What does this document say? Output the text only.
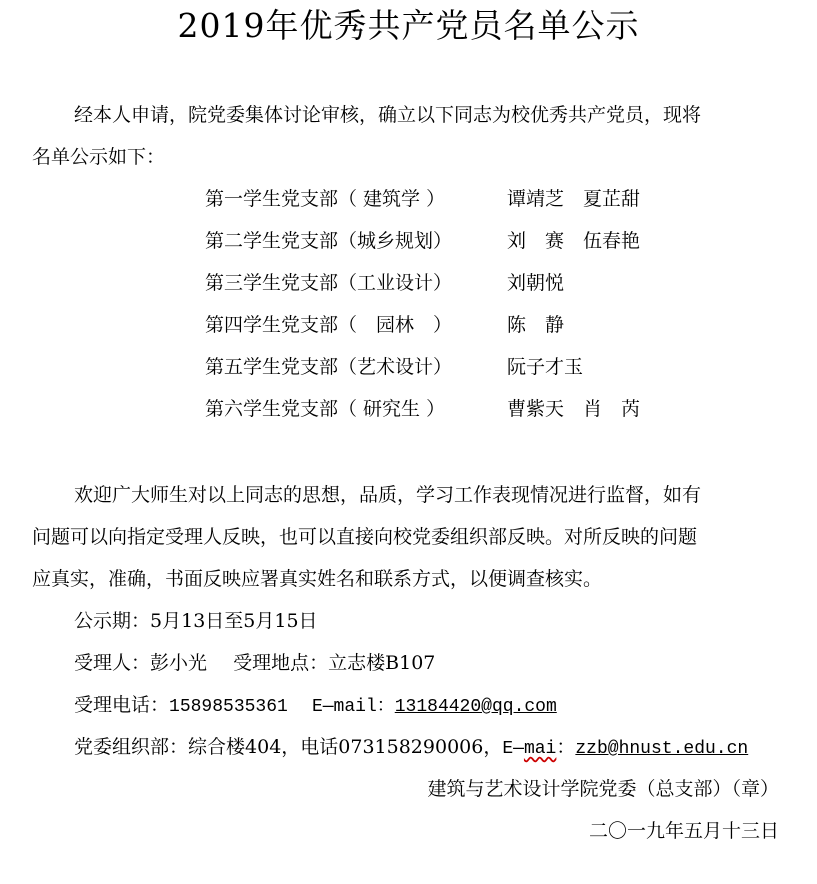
2019年优秀共产党员名单公示
经本人申请，院党委集体讨论审核，确立以下同志为校优秀共产党员，现将
名单公示如下：
第一学生党支部（ 建筑学 ）	谭靖芝　夏芷甜
第二学生党支部（城乡规划）	刘　赛　伍春艳
第三学生党支部（工业设计）	刘朝悦
第四学生党支部（　园林　）	陈　静
第五学生党支部（艺术设计）	阮子才玉
第六学生党支部（ 研究生 ）	曹紫天　肖　芮
欢迎广大师生对以上同志的思想，品质，学习工作表现情况进行监督，如有
问题可以向指定受理人反映，也可以直接向校党委组织部反映。对所反映的问题
应真实，准确，书面反映应署真实姓名和联系方式，以便调查核实。
公示期：5月13日至5月15日
受理人：彭小光 受理地点：立志楼B107
受理电话：15898535361 E—mail：13184420@qq.com
党委组织部：综合楼404，电话073158290006，E—mai：zzb@hnust.edu.cn
建筑与艺术设计学院党委（总支部）（章）
二〇一九年五月十三日
